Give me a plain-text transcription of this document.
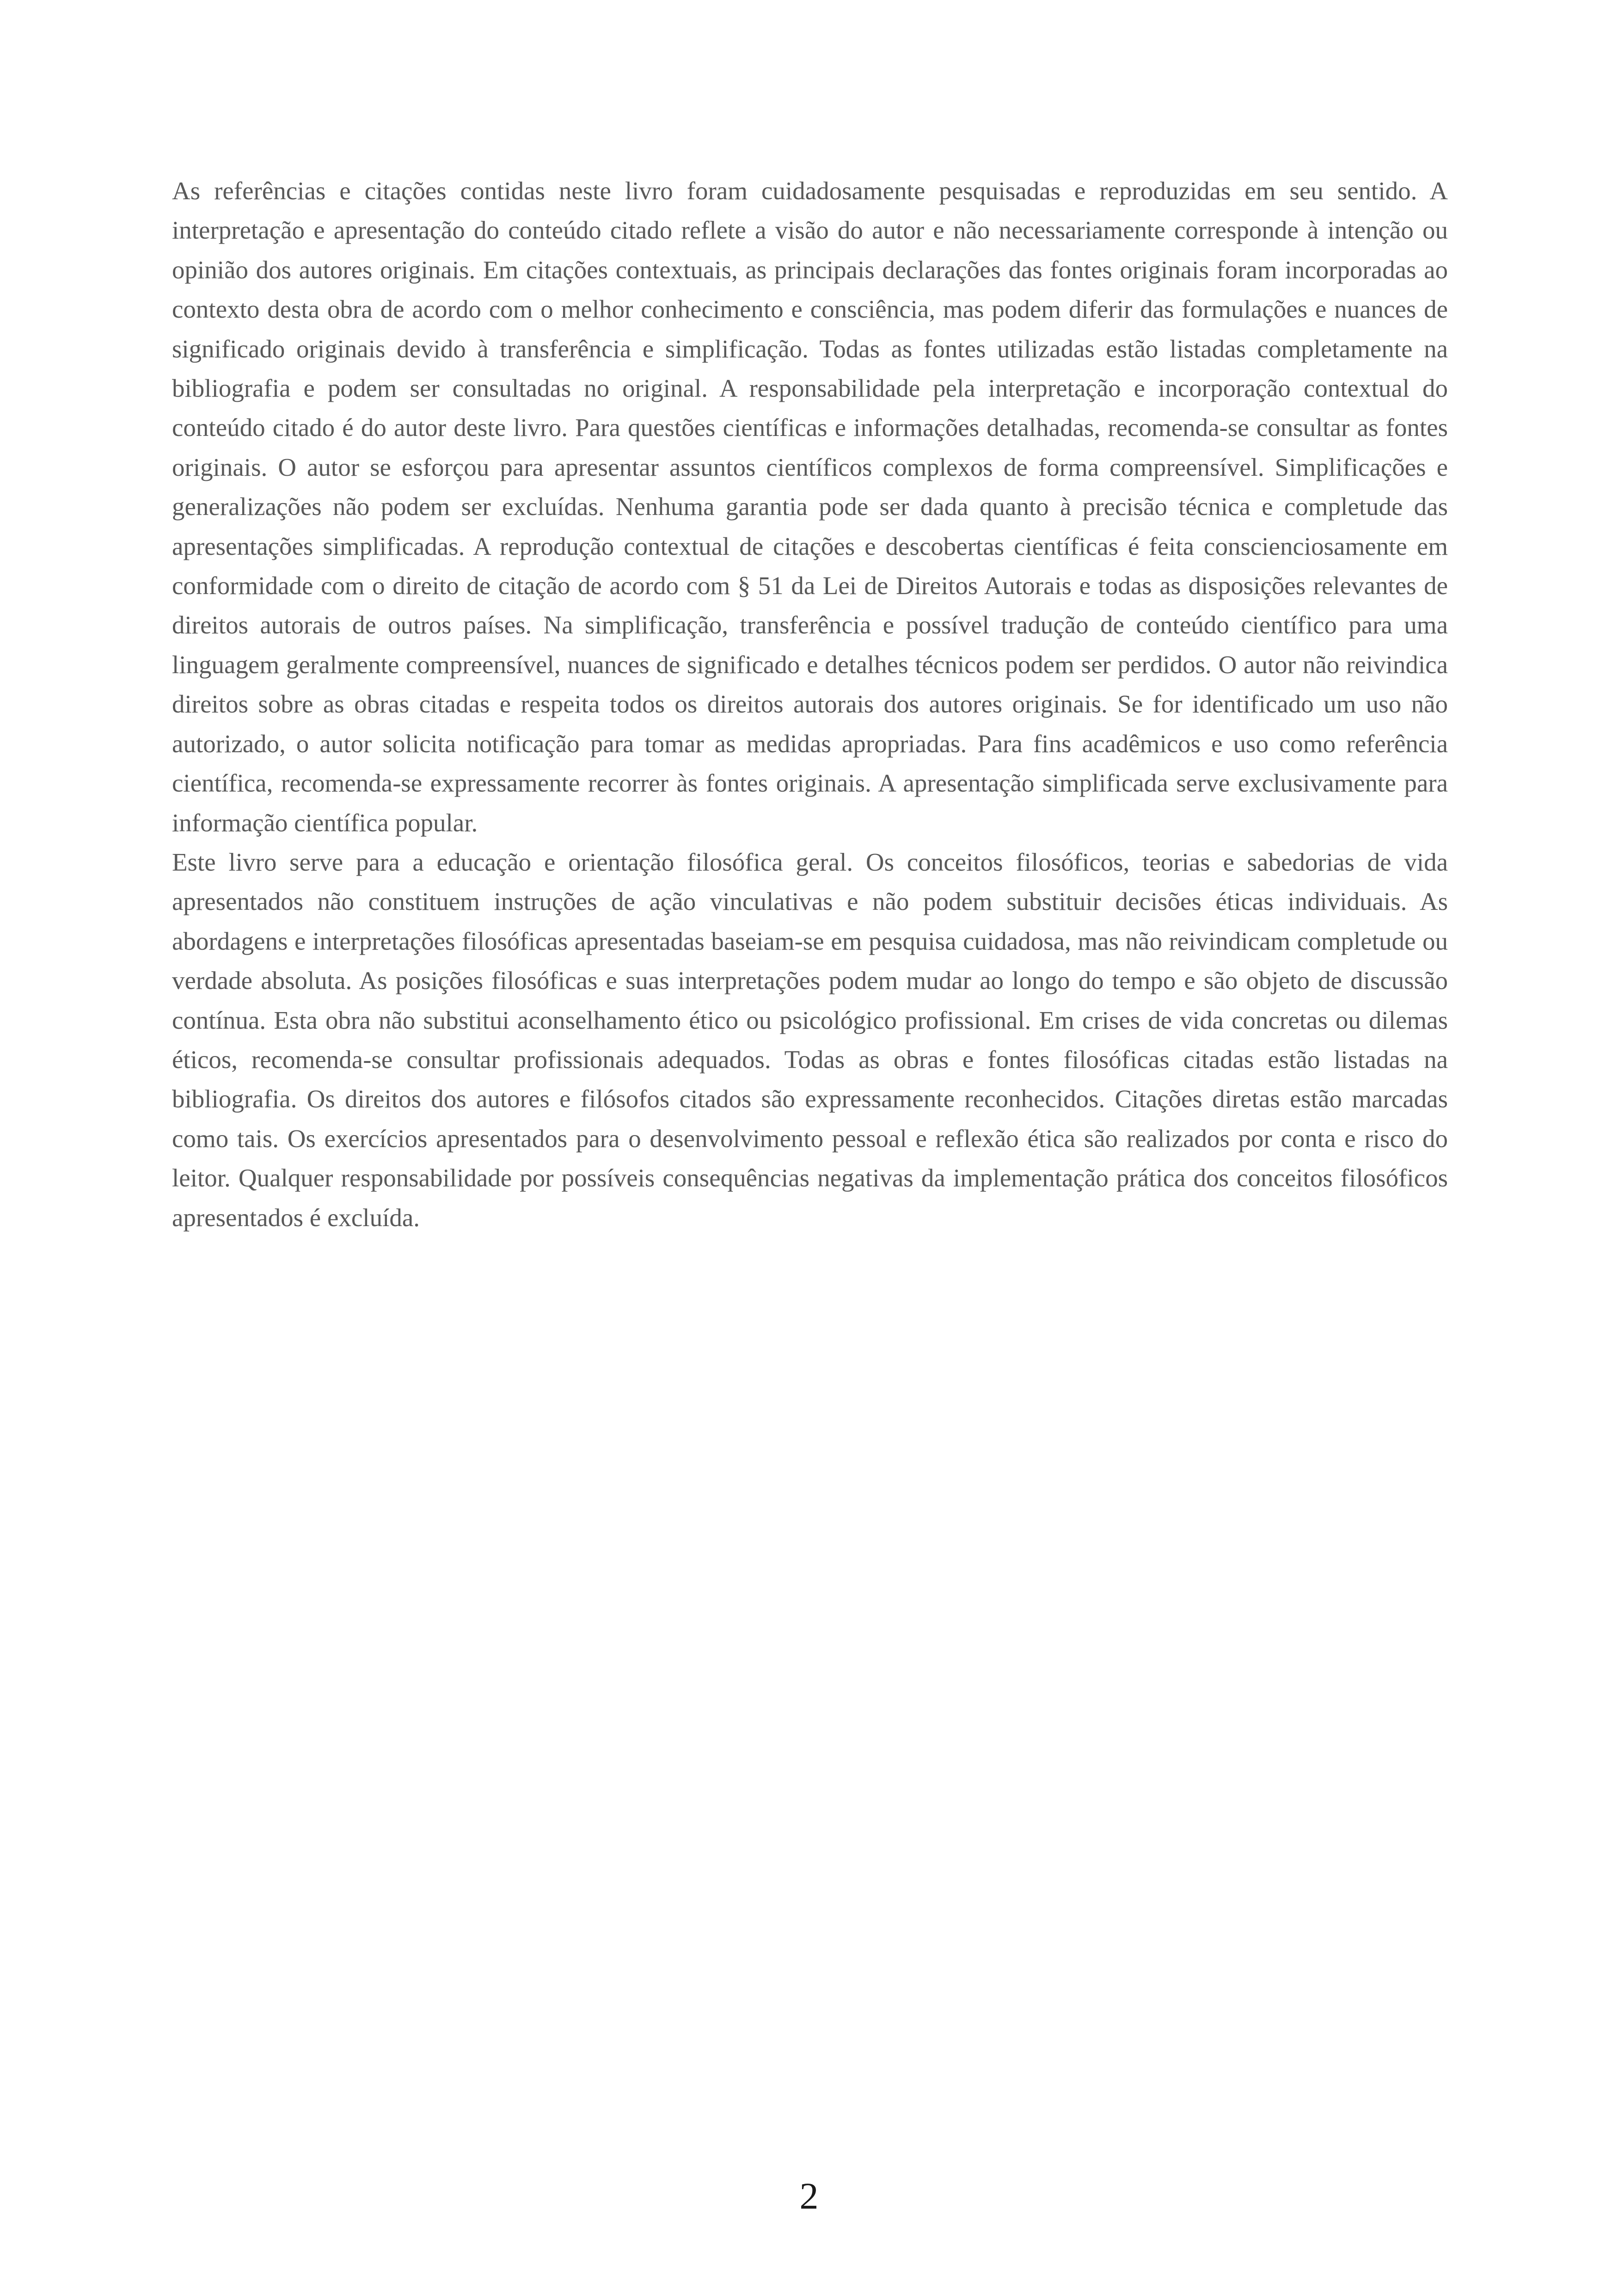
As referências e citações contidas neste livro foram cuidadosamente pesquisadas e reproduzidas em seu sentido. A interpretação e apresentação do conteúdo citado reflete a visão do autor e não necessariamente corresponde à intenção ou opinião dos autores originais. Em citações contextuais, as principais declarações das fontes originais foram incorporadas ao contexto desta obra de acordo com o melhor conhecimento e consciência, mas podem diferir das formulações e nuances de significado originais devido à transferência e simplificação. Todas as fontes utilizadas estão listadas completamente na bibliografia e podem ser consultadas no original. A responsabilidade pela interpretação e incorporação contextual do conteúdo citado é do autor deste livro. Para questões científicas e informações detalhadas, recomenda-se consultar as fontes originais. O autor se esforçou para apresentar assuntos científicos complexos de forma compreensível. Simplificações e generalizações não podem ser excluídas. Nenhuma garantia pode ser dada quanto à precisão técnica e completude das apresentações simplificadas. A reprodução contextual de citações e descobertas científicas é feita conscienciosamente em conformidade com o direito de citação de acordo com § 51 da Lei de Direitos Autorais e todas as disposições relevantes de direitos autorais de outros países. Na simplificação, transferência e possível tradução de conteúdo científico para uma linguagem geralmente compreensível, nuances de significado e detalhes técnicos podem ser perdidos. O autor não reivindica direitos sobre as obras citadas e respeita todos os direitos autorais dos autores originais. Se for identificado um uso não autorizado, o autor solicita notificação para tomar as medidas apropriadas. Para fins acadêmicos e uso como referência científica, recomenda-se expressamente recorrer às fontes originais. A apresentação simplificada serve exclusivamente para informação científica popular.

Este livro serve para a educação e orientação filosófica geral. Os conceitos filosóficos, teorias e sabedorias de vida apresentados não constituem instruções de ação vinculativas e não podem substituir decisões éticas individuais. As abordagens e interpretações filosóficas apresentadas baseiam-se em pesquisa cuidadosa, mas não reivindicam completude ou verdade absoluta. As posições filosóficas e suas interpretações podem mudar ao longo do tempo e são objeto de discussão contínua. Esta obra não substitui aconselhamento ético ou psicológico profissional. Em crises de vida concretas ou dilemas éticos, recomenda-se consultar profissionais adequados. Todas as obras e fontes filosóficas citadas estão listadas na bibliografia. Os direitos dos autores e filósofos citados são expressamente reconhecidos. Citações diretas estão marcadas como tais. Os exercícios apresentados para o desenvolvimento pessoal e reflexão ética são realizados por conta e risco do leitor. Qualquer responsabilidade por possíveis consequências negativas da implementação prática dos conceitos filosóficos apresentados é excluída.

2
